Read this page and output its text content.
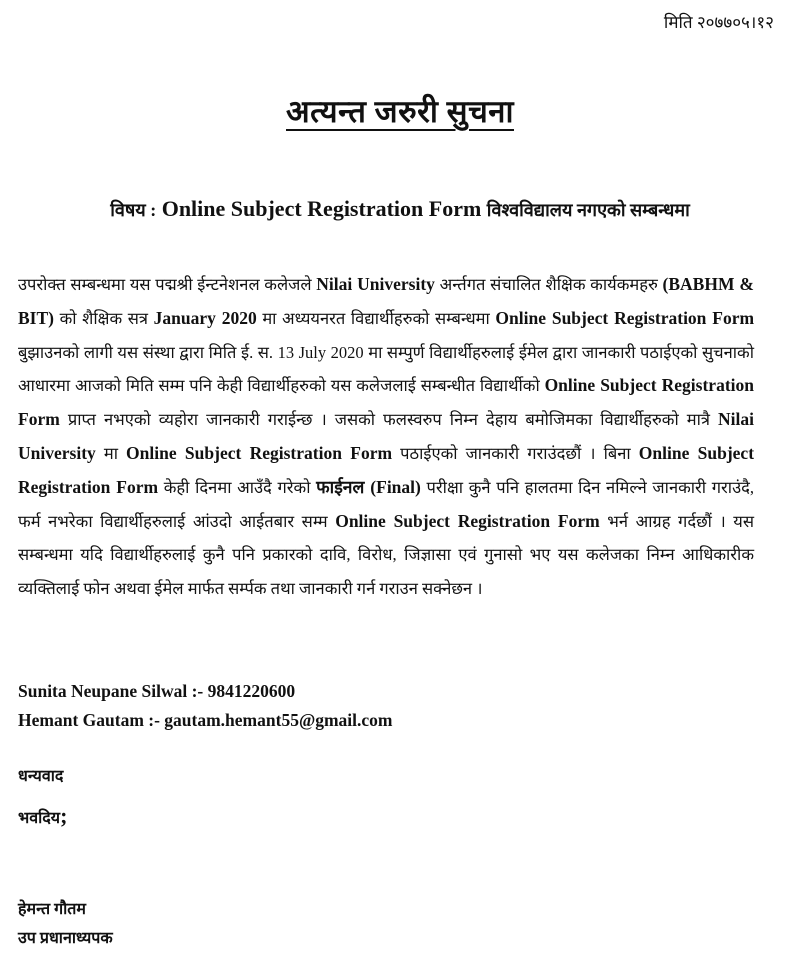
मिति २०७७०५।१२
अत्यन्त जरुरी सुचना
विषय : Online Subject Registration Form विश्वविद्यालय नगएको सम्बन्धमा
उपरोक्त सम्बन्धमा यस पद्मश्री ईन्टनेशनल कलेजले Nilai University अर्न्तगत संचालित शैक्षिक कार्यकमहरु (BABHM & BIT) को शैक्षिक सत्र January 2020 मा अध्ययनरत विद्यार्थीहरुको सम्बन्धमा Online Subject Registration Form बुझाउनको लागी यस संस्था द्वारा मिति ई. स. 13 July 2020 मा सम्पुर्ण विद्यार्थीहरुलाई ईमेल द्वारा जानकारी पठाईएको सुचनाको आधारमा आजको मिति सम्म पनि केही विद्यार्थीहरुको यस कलेजलाई सम्बन्धीत विद्यार्थीको Online Subject Registration Form प्राप्त नभएको व्यहोरा जानकारी गराईन्छ । जसको फलस्वरुप निम्न देहाय बमोजिमका विद्यार्थीहरुको मात्रै Nilai University मा Online Subject Registration Form पठाईएको जानकारी गराउंदछौं । बिना Online Subject Registration Form केही दिनमा आउँदै गरेको फाईनल (Final) परीक्षा कुनै पनि हालतमा दिन नमिल्ने जानकारी गराउंदै, फर्म नभरेका विद्यार्थीहरुलाई आंउदो आईतबार सम्म Online Subject Registration Form भर्न आग्रह गर्दछौं । यस सम्बन्धमा यदि विद्यार्थीहरुलाई कुनै पनि प्रकारको दावि, विरोध, जिज्ञासा एवं गुनासो भए यस कलेजका निम्न आधिकारीक व्यक्तिलाई फोन अथवा ईमेल मार्फत सर्म्पक तथा जानकारी गर्न गराउन सक्नेछन ।
Sunita Neupane Silwal :- 9841220600
Hemant Gautam :- gautam.hemant55@gmail.com
धन्यवाद
भवदिय;
हेमन्त गौतम
उप प्रधानाध्यपक
